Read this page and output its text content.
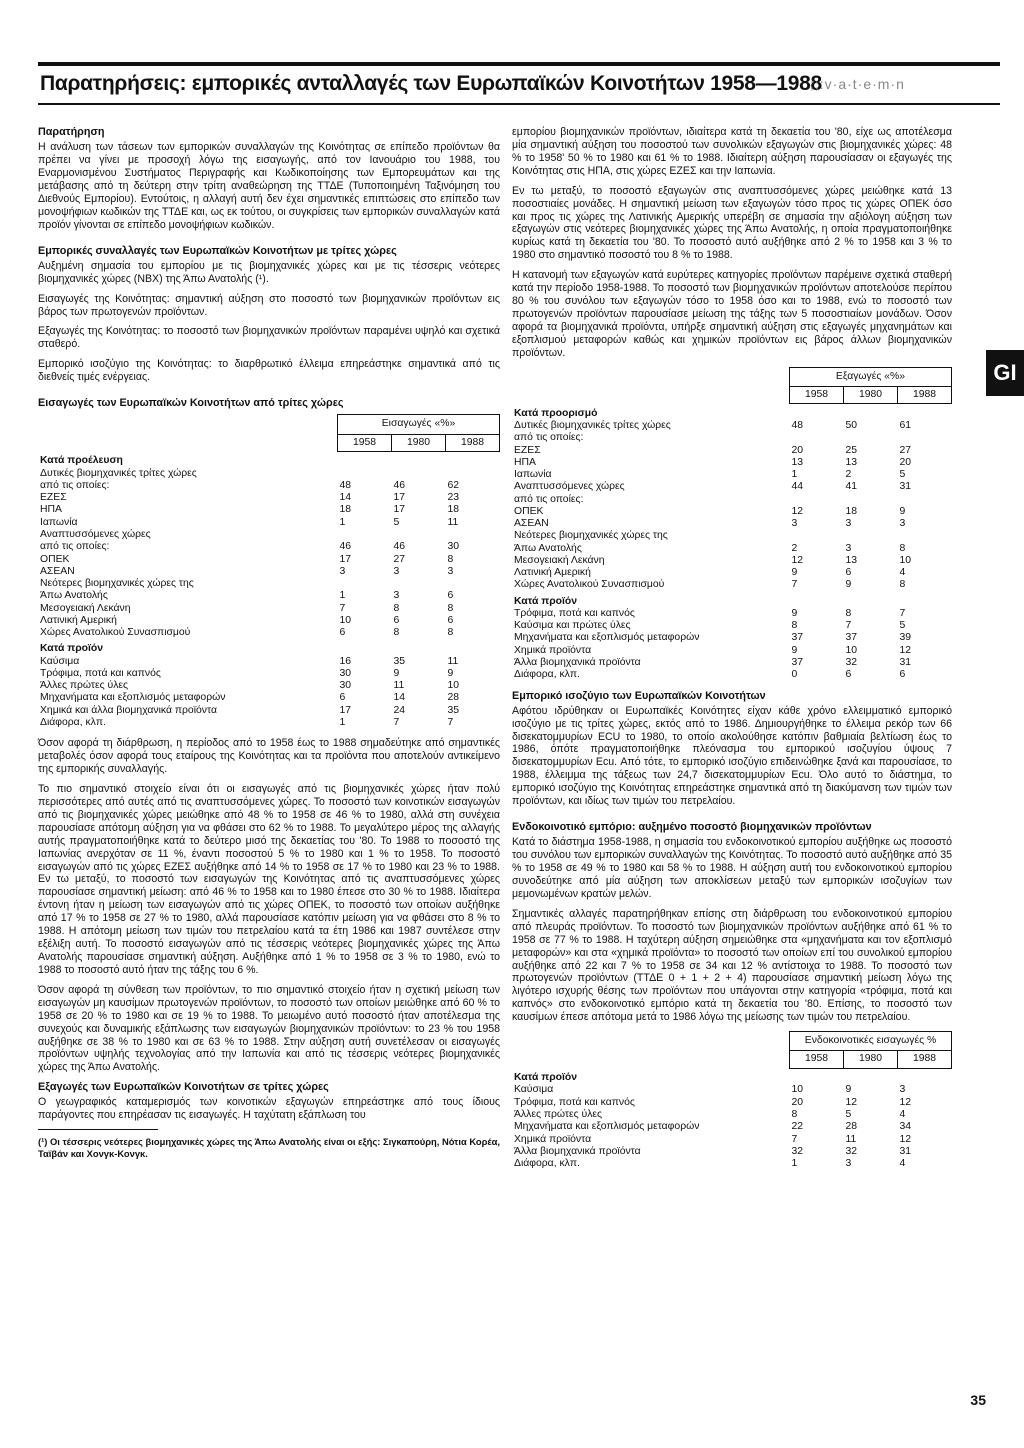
Παρατηρήσεις: εμπορικές ανταλλαγές των Ευρωπαϊκών Κοινοτήτων 1958—1988
;;:v·a·t·e·m·n
GI
Παρατήρηση

Η ανάλυση των τάσεων των εμπορικών συναλλαγών της Κοινότητας σε επίπεδο προϊόντων θα πρέπει να γίνει με προσοχή λόγω της εισαγωγής, από τον Ιανουάριο του 1988, του Εναρμονισμένου Συστήματος Περιγραφής και Κωδικοποίησης των Εμπορευμάτων και της μετάβασης από τη δεύτερη στην τρίτη αναθεώρηση της ΤΤΔΕ (Τυποποιημένη Ταξινόμηση του Διεθνούς Εμπορίου). Εντούτοις, η αλλαγή αυτή δεν έχει σημαντικές επιπτώσεις στο επίπεδο των μονοψήφιων κωδικών της ΤΤΔΕ και, ως εκ τούτου, οι συγκρίσεις των εμπορικών συναλλαγών κατά προϊόν γίνονται σε επίπεδο μονοψήφιων κωδικών.

Εμπορικές συναλλαγές των Ευρωπαϊκών Κοινοτήτων με τρίτες χώρες

Αυξημένη σημασία του εμπορίου με τις βιομηχανικές χώρες και με τις τέσσερις νεότερες βιομηχανικές χώρες (ΝΒΧ) της Άπω Ανατολής (¹).

Εισαγωγές της Κοινότητας: σημαντική αύξηση στο ποσοστό των βιομηχανικών προϊόντων εις βάρος των πρωτογενών προϊόντων.

Εξαγωγές της Κοινότητας: το ποσοστό των βιομηχανικών προϊόντων παραμένει υψηλό και σχετικά σταθερό.

Εμπορικό ισοζύγιο της Κοινότητας: το διαρθρωτικό έλλειμα επηρεάστηκε σημαντικά από τις διεθνείς τιμές ενέργειας.

Εισαγωγές των Ευρωπαϊκών Κοινοτήτων από τρίτες χώρες
	Εισαγωγές «%»		
	1958	1980	1988
Κατά προέλευση			
Δυτικές βιομηχανικές τρίτες χώρες			
από τις οποίες:	48	46	62
ΕΖΕΣ	14	17	23
ΗΠΑ	18	17	18
Ιαπωνία	1	5	11
Αναπτυσσόμενες χώρες			
από τις οποίες:	46	46	30
ΟΠΕΚ	17	27	8
ΑΣΕΑΝ	3	3	3
Νεότερες βιομηχανικές χώρες της			
Άπω Ανατολής	1	3	6
Μεσογειακή Λεκάνη	7	8	8
Λατινική Αμερική	10	6	6
Χώρες Ανατολικού Συνασπισμού	6	8	8
Κατά προϊόν			
Καύσιμα	16	35	11
Τρόφιμα, ποτά και καπνός	30	9	9
Άλλες πρώτες ύλες	30	11	10
Μηχανήματα και εξοπλισμός μεταφορών	6	14	28
Χημικά και άλλα βιομηχανικά προϊόντα	17	24	35
Διάφορα, κλπ.	1	7	7

Όσον αφορά τη διάρθρωση, η περίοδος από το 1958 έως το 1988 σημαδεύτηκε από σημαντικές μεταβολές όσον αφορά τους εταίρους της Κοινότητας και τα προϊόντα που αποτελούν αντικείμενο της εμπορικής συναλλαγής.

Το πιο σημαντικό στοιχείο είναι ότι οι εισαγωγές από τις βιομηχανικές χώρες ήταν πολύ περισσότερες από αυτές από τις αναπτυσσόμενες χώρες. Το ποσοστό των κοινοτικών εισαγωγών από τις βιομηχανικές χώρες μειώθηκε από 48 % το 1958 σε 46 % το 1980, αλλά στη συνέχεια παρουσίασε απότομη αύξηση για να φθάσει στο 62 % το 1988. Το μεγαλύτερο μέρος της αλλαγής αυτής πραγματοποιήθηκε κατά το δεύτερο μισό της δεκαετίας του '80. Το 1988 το ποσοστό της Ιαπωνίας ανερχόταν σε 11 %, έναντι ποσοστού 5 % το 1980 και 1 % το 1958. Το ποσοστό εισαγωγών από τις χώρες ΕΖΕΣ αυξήθηκε από 14 % το 1958 σε 17 % το 1980 και 23 % το 1988. Εν τω μεταξύ, το ποσοστό των εισαγωγών της Κοινότητας από τις αναπτυσσόμενες χώρες παρουσίασε σημαντική μείωση: από 46 % το 1958 και το 1980 έπεσε στο 30 % το 1988. Ιδιαίτερα έντονη ήταν η μείωση των εισαγωγών από τις χώρες ΟΠΕΚ, το ποσοστό των οποίων αυξήθηκε από 17 % το 1958 σε 27 % το 1980, αλλά παρουσίασε κατόπιν μείωση για να φθάσει στο 8 % το 1988. Η απότομη μείωση των τιμών του πετρελαίου κατά τα έτη 1986 και 1987 συντέλεσε στην εξέλιξη αυτή. Το ποσοστό εισαγωγών από τις τέσσερις νεότερες βιομηχανικές χώρες της Άπω Ανατολής παρουσίασε σημαντική αύξηση. Αυξήθηκε από 1 % το 1958 σε 3 % το 1980, ενώ το 1988 το ποσοστό αυτό ήταν της τάξης του 6 %.

Όσον αφορά τη σύνθεση των προϊόντων, το πιο σημαντικό στοιχείο ήταν η σχετική μείωση των εισαγωγών μη καυσίμων πρωτογενών προϊόντων, το ποσοστό των οποίων μειώθηκε από 60 % το 1958 σε 20 % το 1980 και σε 19 % το 1988. Το μειωμένο αυτό ποσοστό ήταν αποτέλεσμα της συνεχούς και δυναμικής εξάπλωσης των εισαγωγών βιομηχανικών προϊόντων: το 23 % του 1958 αυξήθηκε σε 38 % το 1980 και σε 63 % το 1988. Στην αύξηση αυτή συνετέλεσαν οι εισαγωγές προϊόντων υψηλής τεχνολογίας από την Ιαπωνία και από τις τέσσερις νεότερες βιομηχανικές χώρες της Άπω Ανατολής.

Εξαγωγές των Ευρωπαϊκών Κοινοτήτων σε τρίτες χώρες

Ο γεωγραφικός καταμερισμός των κοινοτικών εξαγωγών επηρεάστηκε από τους ίδιους παράγοντες που επηρέασαν τις εισαγωγές. Η ταχύτατη εξάπλωση του

(¹) Οι τέσσερις νεότερες βιομηχανικές χώρες της Άπω Ανατολής είναι οι εξής: Σιγκαπούρη, Νότια Κορέα, Ταϊβάν και Χονγκ-Κονγκ.

εμπορίου βιομηχανικών προϊόντων, ιδιαίτερα κατά τη δεκαετία του '80, είχε ως αποτέλεσμα μία σημαντική αύξηση του ποσοστού των συνολικών εξαγωγών στις βιομηχανικές χώρες: 48 % το 1958' 50 % το 1980 και 61 % το 1988. Ιδιαίτερη αύξηση παρουσίασαν οι εξαγωγές της Κοινότητας στις ΗΠΑ, στις χώρες ΕΖΕΣ και την Ιαπωνία.

Εν τω μεταξύ, το ποσοστό εξαγωγών στις αναπτυσσόμενες χώρες μειώθηκε κατά 13 ποσοστιαίες μονάδες. Η σημαντική μείωση των εξαγωγών τόσο προς τις χώρες ΟΠΕΚ όσο και προς τις χώρες της Λατινικής Αμερικής υπερέβη σε σημασία την αξιόλογη αύξηση των εξαγωγών στις νεότερες βιομηχανικές χώρες της Άπω Ανατολής, η οποία πραγματοποιήθηκε κυρίως κατά τη δεκαετία του '80. Το ποσοστό αυτό αυξήθηκε από 2 % το 1958 και 3 % το 1980 στο σημαντικό ποσοστό του 8 % το 1988.

Η κατανομή των εξαγωγών κατά ευρύτερες κατηγορίες προϊόντων παρέμεινε σχετικά σταθερή κατά την περίοδο 1958-1988. Το ποσοστό των βιομηχανικών προϊόντων αποτελούσε περίπου 80 % του συνόλου των εξαγωγών τόσο το 1958 όσο και το 1988, ενώ το ποσοστό των πρωτογενών προϊόντων παρουσίασε μείωση της τάξης των 5 ποσοστιαίων μονάδων. Όσον αφορά τα βιομηχανικά προϊόντα, υπήρξε σημαντική αύξηση στις εξαγωγές μηχανημάτων και εξοπλισμού μεταφορών καθώς και χημικών προϊόντων εις βάρος άλλων βιομηχανικών προϊόντων.

	Εξαγωγές «%»		
	1958	1980	1988
Κατά προορισμό			
Δυτικές βιομηχανικές τρίτες χώρες	48	50	61
από τις οποίες:			
ΕΖΕΣ	20	25	27
ΗΠΑ	13	13	20
Ιαπωνία	1	2	5
Αναπτυσσόμενες χώρες	44	41	31
από τις οποίες:			
ΟΠΕΚ	12	18	9
ΑΣΕΑΝ	3	3	3
Νεότερες βιομηχανικές χώρες της			
Άπω Ανατολής	2	3	8
Μεσογειακή Λεκάνη	12	13	10
Λατινική Αμερική	9	6	4
Χώρες Ανατολικού Συνασπισμού	7	9	8
Κατά προϊόν			
Τρόφιμα, ποτά και καπνός	9	8	7
Καύσιμα και πρώτες ύλες	8	7	5
Μηχανήματα και εξοπλισμός μεταφορών	37	37	39
Χημικά προϊόντα	9	10	12
Άλλα βιομηχανικά προϊόντα	37	32	31
Διάφορα, κλπ.	0	6	6
Εμπορικό ισοζύγιο των Ευρωπαϊκών Κοινοτήτων

Αφότου ιδρύθηκαν οι Ευρωπαϊκές Κοινότητες είχαν κάθε χρόνο ελλειμματικό εμπορικό ισοζύγιο με τις τρίτες χώρες, εκτός από το 1986. Δημιουργήθηκε το έλλειμα ρεκόρ των 66 δισεκατομμυρίων ECU το 1980, το οποίο ακολούθησε κατόπιν βαθμιαία βελτίωση έως το 1986, όπότε πραγματοποιήθηκε πλεόνασμα του εμπορικού ισοζυγίου ύψους 7 δισεκατομμυρίων Ecu. Από τότε, το εμπορικό ισοζύγιο επιδεινώθηκε ξανά και παρουσίασε, το 1988, έλλειμμα της τάξεως των 24,7 δισεκατομμυρίων Ecu. Όλο αυτό το διάστημα, το εμπορικό ισοζύγιο της Κοινότητας επηρεάστηκε σημαντικά από τη διακύμανση των τιμών των προϊόντων, και ιδίως των τιμών του πετρελαίου.

Ενδοκοινοτικό εμπόριο: αυξημένο ποσοστό βιομηχανικών προϊόντων

Κατά το διάστημα 1958-1988, η σημασία του ενδοκοινοτικού εμπορίου αυξήθηκε ως ποσοστό του συνόλου των εμπορικών συναλλαγών της Κοινότητας. Το ποσοστό αυτό αυξήθηκε από 35 % το 1958 σε 49 % το 1980 και 58 % το 1988. Η αύξηση αυτή του ενδοκοινοτικού εμπορίου συνοδεύτηκε από μία αύξηση των αποκλίσεων μεταξύ των εμπορικών ισοζυγίων των μεμονωμένων κρατών μελών.

Σημαντικές αλλαγές παρατηρήθηκαν επίσης στη διάρθρωση του ενδοκοινοτικού εμπορίου από πλευράς προϊόντων. Το ποσοστό των βιομηχανικών προϊόντων αυξήθηκε από 61 % το 1958 σε 77 % το 1988. Η ταχύτερη αύξηση σημειώθηκε στα «μηχανήματα και τον εξοπλισμό μεταφορών» και στα «χημικά προϊόντα» το ποσοστό των οποίων επί του συνολικού εμπορίου αυξήθηκε από 22 και 7 % το 1958 σε 34 και 12 % αντίστοιχα το 1988. Το ποσοστό των πρωτογενών προϊόντων (ΤΤΔΕ 0 + 1 + 2 + 4) παρουσίασε σημαντική μείωση λόγω της λιγότερο ισχυρής θέσης των προϊόντων που υπάγονται στην κατηγορία «τρόφιμα, ποτά και καπνός» στο ενδοκοινοτικό εμπόριο κατά τη δεκαετία του '80. Επίσης, το ποσοστό των καυσίμων έπεσε απότομα μετά το 1986 λόγω της μείωσης των τιμών του πετρελαίου.

	Ενδοκοινοτικές εισαγωγές %		
	1958	1980	1988
Κατά προϊόν			
Καύσιμα	10	9	3
Τρόφιμα, ποτά και καπνός	20	12	12
Άλλες πρώτες ύλες	8	5	4
Μηχανήματα και εξοπλισμός μεταφορών	22	28	34
Χημικά προϊόντα	7	11	12
Άλλα βιομηχανικά προϊόντα	32	32	31
Διάφορα, κλπ.	1	3	4
35
